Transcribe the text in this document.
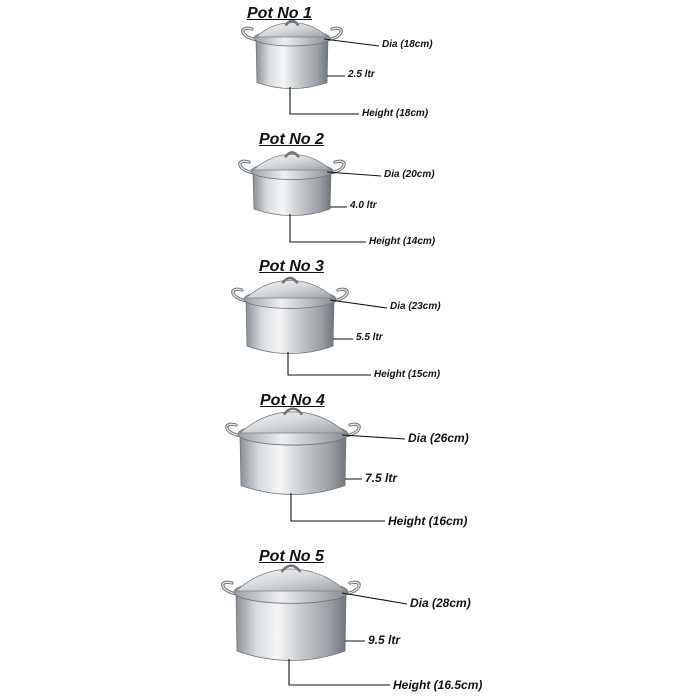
Pot No 1
Dia (18cm)
2.5 ltr
Height (18cm)
Pot No 2
Dia (20cm)
4.0 ltr
Height (14cm)
Pot No 3
Dia (23cm)
5.5 ltr
Height (15cm)
Pot No 4
Dia (26cm)
7.5 ltr
Height (16cm)
Pot No 5
Dia (28cm)
9.5 ltr
Height (16.5cm)
